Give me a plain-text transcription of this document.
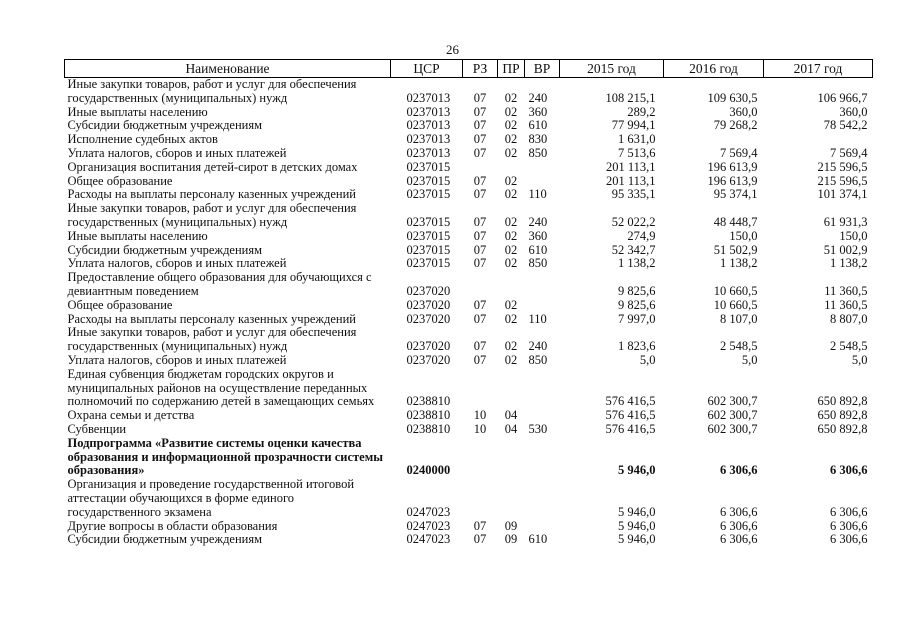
26
Наименование	ЦСР	РЗ	ПР	ВР	2015 год	2016 год	2017 год
Иные закупки товаров, работ и услуг для обеспечения государственных (муниципальных) нужд	0237013	07	02	240	108 215,1	109 630,5	106 966,7
Иные выплаты населению	0237013	07	02	360	289,2	360,0	360,0
Субсидии бюджетным учреждениям	0237013	07	02	610	77 994,1	79 268,2	78 542,2
Исполнение судебных актов	0237013	07	02	830	1 631,0		
Уплата налогов, сборов и иных платежей	0237013	07	02	850	7 513,6	7 569,4	7 569,4
Организация воспитания детей-сирот в детских домах	0237015				201 113,1	196 613,9	215 596,5
Общее образование	0237015	07	02		201 113,1	196 613,9	215 596,5
Расходы на выплаты персоналу казенных учреждений	0237015	07	02	110	95 335,1	95 374,1	101 374,1
Иные закупки товаров, работ и услуг для обеспечения государственных (муниципальных) нужд	0237015	07	02	240	52 022,2	48 448,7	61 931,3
Иные выплаты населению	0237015	07	02	360	274,9	150,0	150,0
Субсидии бюджетным учреждениям	0237015	07	02	610	52 342,7	51 502,9	51 002,9
Уплата налогов, сборов и иных платежей	0237015	07	02	850	1 138,2	1 138,2	1 138,2
Предоставление общего образования для обучающихся с девиантным поведением	0237020				9 825,6	10 660,5	11 360,5
Общее образование	0237020	07	02		9 825,6	10 660,5	11 360,5
Расходы на выплаты персоналу казенных учреждений	0237020	07	02	110	7 997,0	8 107,0	8 807,0
Иные закупки товаров, работ и услуг для обеспечения государственных (муниципальных) нужд	0237020	07	02	240	1 823,6	2 548,5	2 548,5
Уплата налогов, сборов и иных платежей	0237020	07	02	850	5,0	5,0	5,0
Единая субвенция бюджетам городских округов и муниципальных районов на осуществление переданных полномочий по содержанию детей в замещающих семьях	0238810				576 416,5	602 300,7	650 892,8
Охрана семьи и детства	0238810	10	04		576 416,5	602 300,7	650 892,8
Субвенции	0238810	10	04	530	576 416,5	602 300,7	650 892,8
Подпрограмма «Развитие системы оценки качества образования и информационной прозрачности системы образования»	0240000				5 946,0	6 306,6	6 306,6
Организация и проведение государственной итоговой аттестации обучающихся в форме единого государственного экзамена	0247023				5 946,0	6 306,6	6 306,6
Другие вопросы в области образования	0247023	07	09		5 946,0	6 306,6	6 306,6
Субсидии бюджетным учреждениям	0247023	07	09	610	5 946,0	6 306,6	6 306,6
